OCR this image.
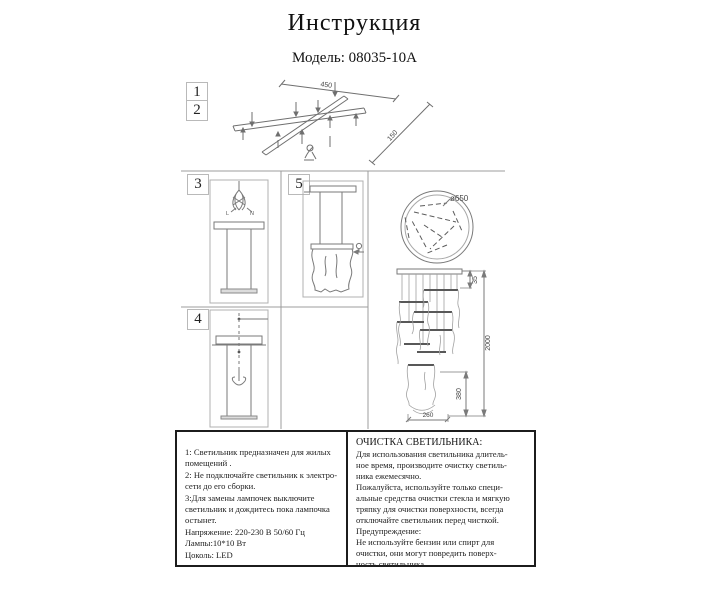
Инструкция
Модель: 08035-10A
1
2
3	5
4
450
150
L	N
ø650
35
2000
380
260
1: Светильник предназначен для жилых
помещений .
2: Не подключайте светильник к электро-
сети до его сборки.
3:Для замены лампочек выключите
светильник и дождитесь пока лампочка
остынет.
Напряжение: 220-230 В 50/60 Гц
Лампы:10*10 Вт
Цоколь: LED
ОЧИСТКА СВЕТИЛЬНИКА:
Для использования светильника длитель-
ное время, производите очистку светиль-
ника ежемесячно.
Пожалуйста, используйте только специ-
альные средства очистки стекла и мягкую
тряпку для очистки поверхности, всегда
отключайте светильник перед чисткой.
Предупреждение:
Не используйте бензин или спирт для
очистки, они могут повредить поверх-
ность светильника.
